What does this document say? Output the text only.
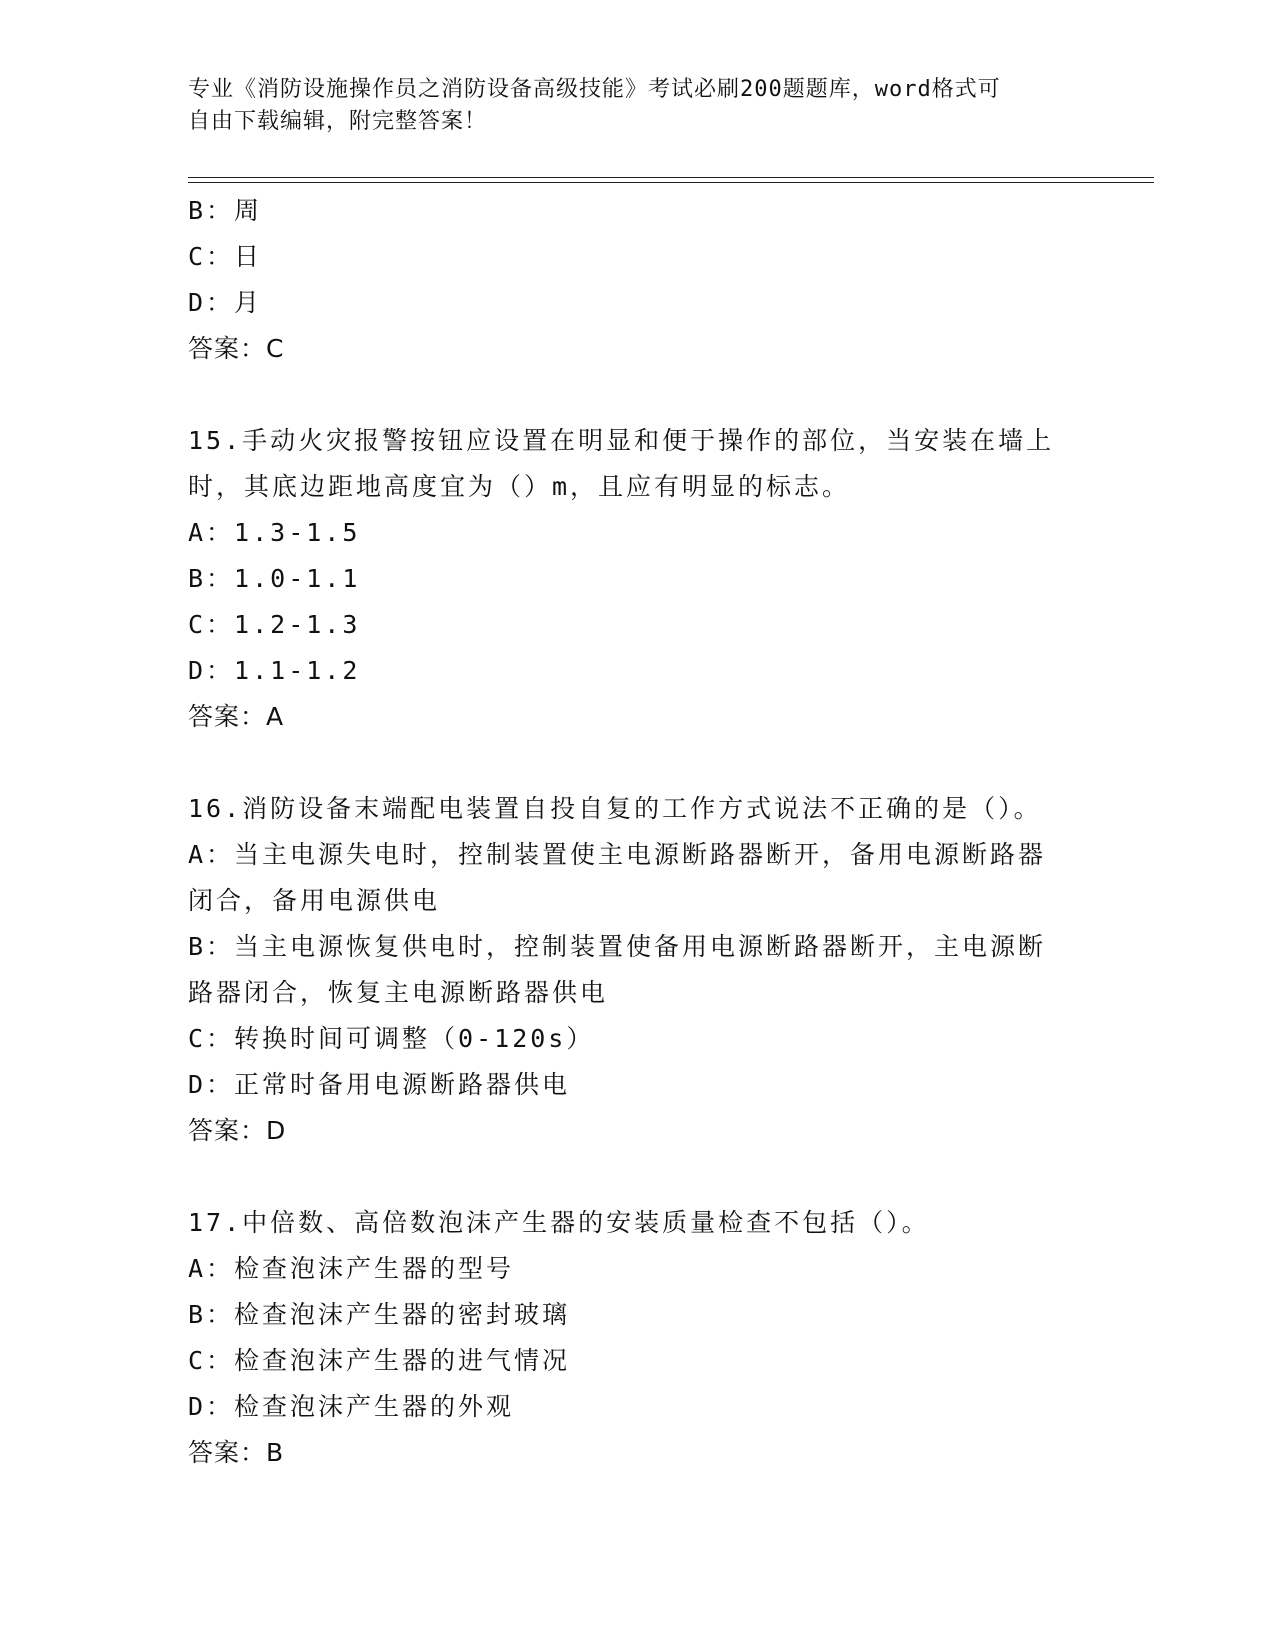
专业《消防设施操作员之消防设备高级技能》考试必刷200题题库，word格式可
自由下载编辑，附完整答案！
B：周
C：日
D：月
答案：C
15.手动火灾报警按钮应设置在明显和便于操作的部位，当安装在墙上
时，其底边距地高度宜为（）m，且应有明显的标志。
A：1.3-1.5
B：1.0-1.1
C：1.2-1.3
D：1.1-1.2
答案：A
16.消防设备末端配电装置自投自复的工作方式说法不正确的是（）。
A：当主电源失电时，控制装置使主电源断路器断开，备用电源断路器
闭合，备用电源供电
B：当主电源恢复供电时，控制装置使备用电源断路器断开，主电源断
路器闭合，恢复主电源断路器供电
C：转换时间可调整（0-120s）
D：正常时备用电源断路器供电
答案：D
17.中倍数、高倍数泡沫产生器的安装质量检查不包括（）。
A：检查泡沫产生器的型号
B：检查泡沫产生器的密封玻璃
C：检查泡沫产生器的进气情况
D：检查泡沫产生器的外观
答案：B
